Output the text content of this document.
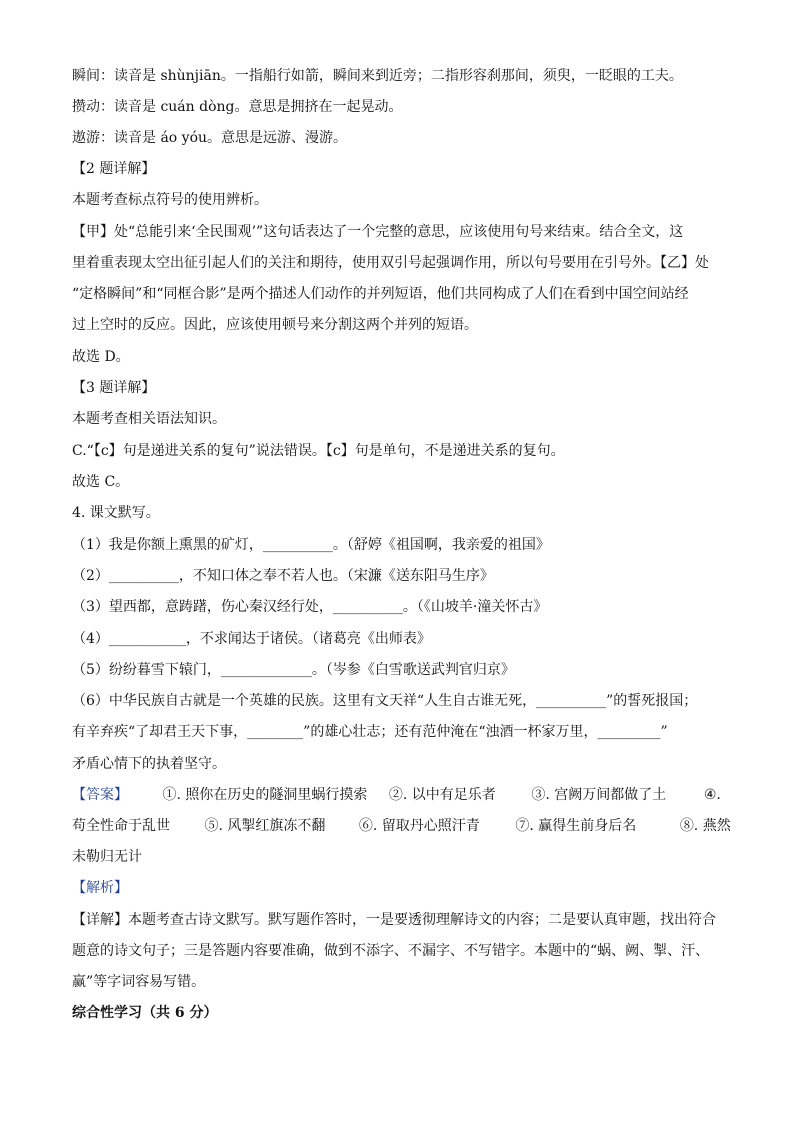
瞬间：读音是 shùnjiān。一指船行如箭，瞬间来到近旁；二指形容刹那间，须臾，一眨眼的工夫。
攒动：读音是 cuán dòng。意思是拥挤在一起晃动。
遨游：读音是 áo yóu。意思是远游、漫游。
【2 题详解】
本题考查标点符号的使用辨析。
【甲】处“总能引来‘全民围观’”这句话表达了一个完整的意思，应该使用句号来结束。结合全文，这
里着重表现太空出征引起人们的关注和期待，使用双引号起强调作用，所以句号要用在引号外。【乙】处
“定格瞬间”和“同框合影”是两个描述人们动作的并列短语，他们共同构成了人们在看到中国空间站经
过上空时的反应。因此，应该使用顿号来分割这两个并列的短语。
故选 D。
【3 题详解】
本题考查相关语法知识。
C.“【c】句是递进关系的复句”说法错误。【c】句是单句，不是递进关系的复句。
故选 C。
4. 课文默写。
（1）我是你额上熏黑的矿灯，__________。（舒婷《祖国啊，我亲爱的祖国》
（2）__________，不知口体之奉不若人也。（宋濂《送东阳马生序》
（3）望西都，意踌躇，伤心秦汉经行处，__________。（《山坡羊·潼关怀古》
（4）___________，不求闻达于诸侯。（诸葛亮《出师表》
（5）纷纷暮雪下辕门，_____________。（岑参《白雪歌送武判官归京》
（6）中华民族自古就是一个英雄的民族。这里有文天祥“人生自古谁无死，__________”的誓死报国；
有辛弃疾“了却君王天下事，________”的雄心壮志；还有范仲淹在“浊酒一杯家万里，_________”
矛盾心情下的执着坚守。
【答案】 ①. 照你在历史的隧洞里蜗行摸索 ②. 以中有足乐者	③. 宫阙万间都做了土	④.
苟全性命于乱世 ⑤. 风掣红旗冻不翻 ⑥. 留取丹心照汗青	⑦. 赢得生前身后名	⑧. 燕然
未勒归无计
【解析】
【详解】本题考查古诗文默写。默写题作答时，一是要透彻理解诗文的内容；二是要认真审题，找出符合
题意的诗文句子；三是答题内容要准确，做到不添字、不漏字、不写错字。本题中的“蜗、阙、掣、汗、
赢”等字词容易写错。
综合性学习（共 6 分）
